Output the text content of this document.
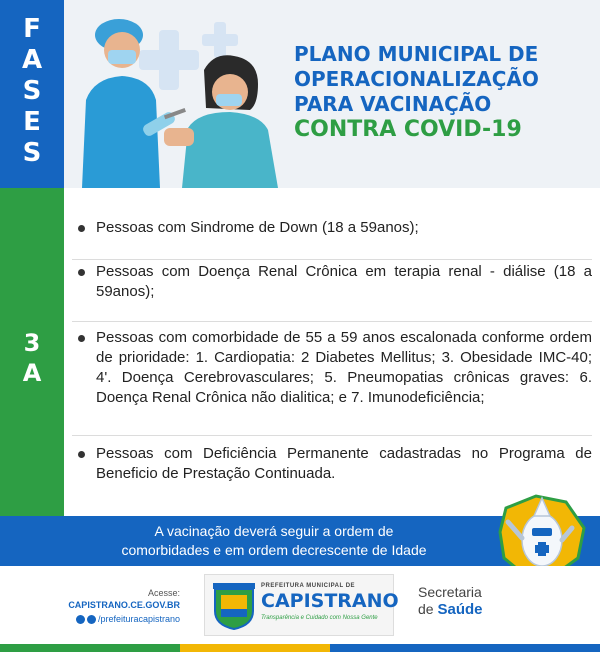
F
A
S
E
S
3
A
PLANO MUNICIPAL DE
OPERACIONALIZAÇÃO
PARA VACINAÇÃO
CONTRA COVID-19
Pessoas com Sindrome de Down (18 a 59anos);
Pessoas com Doença Renal Crônica em terapia renal - diálise (18 a 59anos);
Pessoas com comorbidade de 55 a 59 anos escalonada conforme ordem de prioridade: 1. Cardiopatia: 2 Diabetes Mellitus; 3. Obesidade IMC-40; 4'. Doença Cerebrovasculares; 5. Pneumopatias crônicas graves: 6. Doença Renal Crônica não dialitica; e 7. Imunodeficiência;
Pessoas com Deficiência Permanente cadastradas no Programa de Beneficio de Prestação Continuada.
A vacinação deverá seguir a ordem de
comorbidades e em ordem decrescente de Idade
Acesse:
CAPISTRANO.CE.GOV.BR
/prefeituracapistrano
PREFEITURA MUNICIPAL DE
CAPISTRANO
Transparência e Cuidado com Nossa Gente
Secretaria
de Saúde
